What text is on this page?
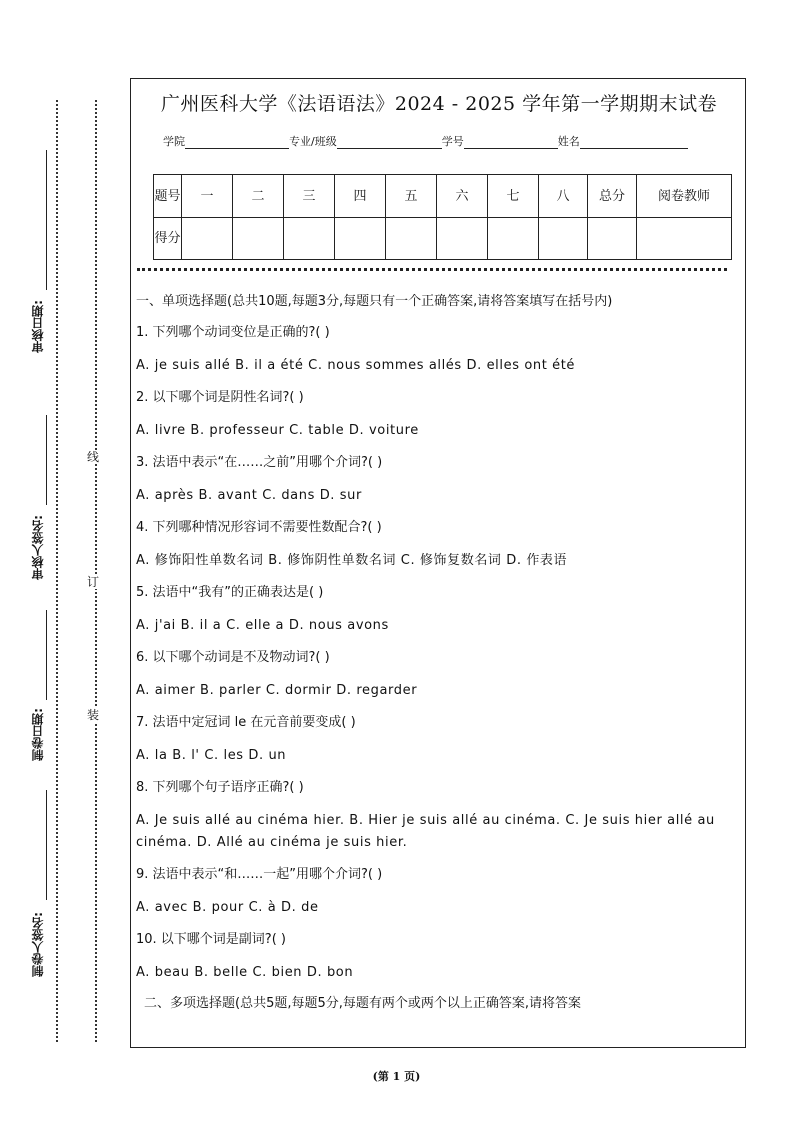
审核日期:
审核人签名:
制卷日期:
制卷人签名:
线
订
装
广州医科大学《法语语法》2024 - 2025 学年第一学期期末试卷
学院	专业/班级	学号	姓名
题号	一	二	三	四	五	六	七	八	总分	阅卷教师
得分										

一、单项选择题(总共10题,每题3分,每题只有一个正确答案,请将答案填写在括号内)

1. 下列哪个动词变位是正确的?( )

A. je suis allé B. il a été C. nous sommes allés D. elles ont été

2. 以下哪个词是阴性名词?( )

A. livre B. professeur C. table D. voiture

3. 法语中表示“在……之前”用哪个介词?( )

A. après B. avant C. dans D. sur

4. 下列哪种情况形容词不需要性数配合?( )

A. 修饰阳性单数名词 B. 修饰阴性单数名词 C. 修饰复数名词 D. 作表语

5. 法语中“我有”的正确表达是( )

A. j'ai B. il a C. elle a D. nous avons

6. 以下哪个动词是不及物动词?( )

A. aimer B. parler C. dormir D. regarder

7. 法语中定冠词 le 在元音前要变成( )

A. la B. l' C. les D. un

8. 下列哪个句子语序正确?( )

A. Je suis allé au cinéma hier. B. Hier je suis allé au cinéma. C. Je suis hier allé au cinéma. D. Allé au cinéma je suis hier.

9. 法语中表示“和……一起”用哪个介词?( )

A. avec B. pour C. à D. de

10. 以下哪个词是副词?( )

A. beau B. belle C. bien D. bon

二、多项选择题(总共5题,每题5分,每题有两个或两个以上正确答案,请将答案

(第 1 页)
